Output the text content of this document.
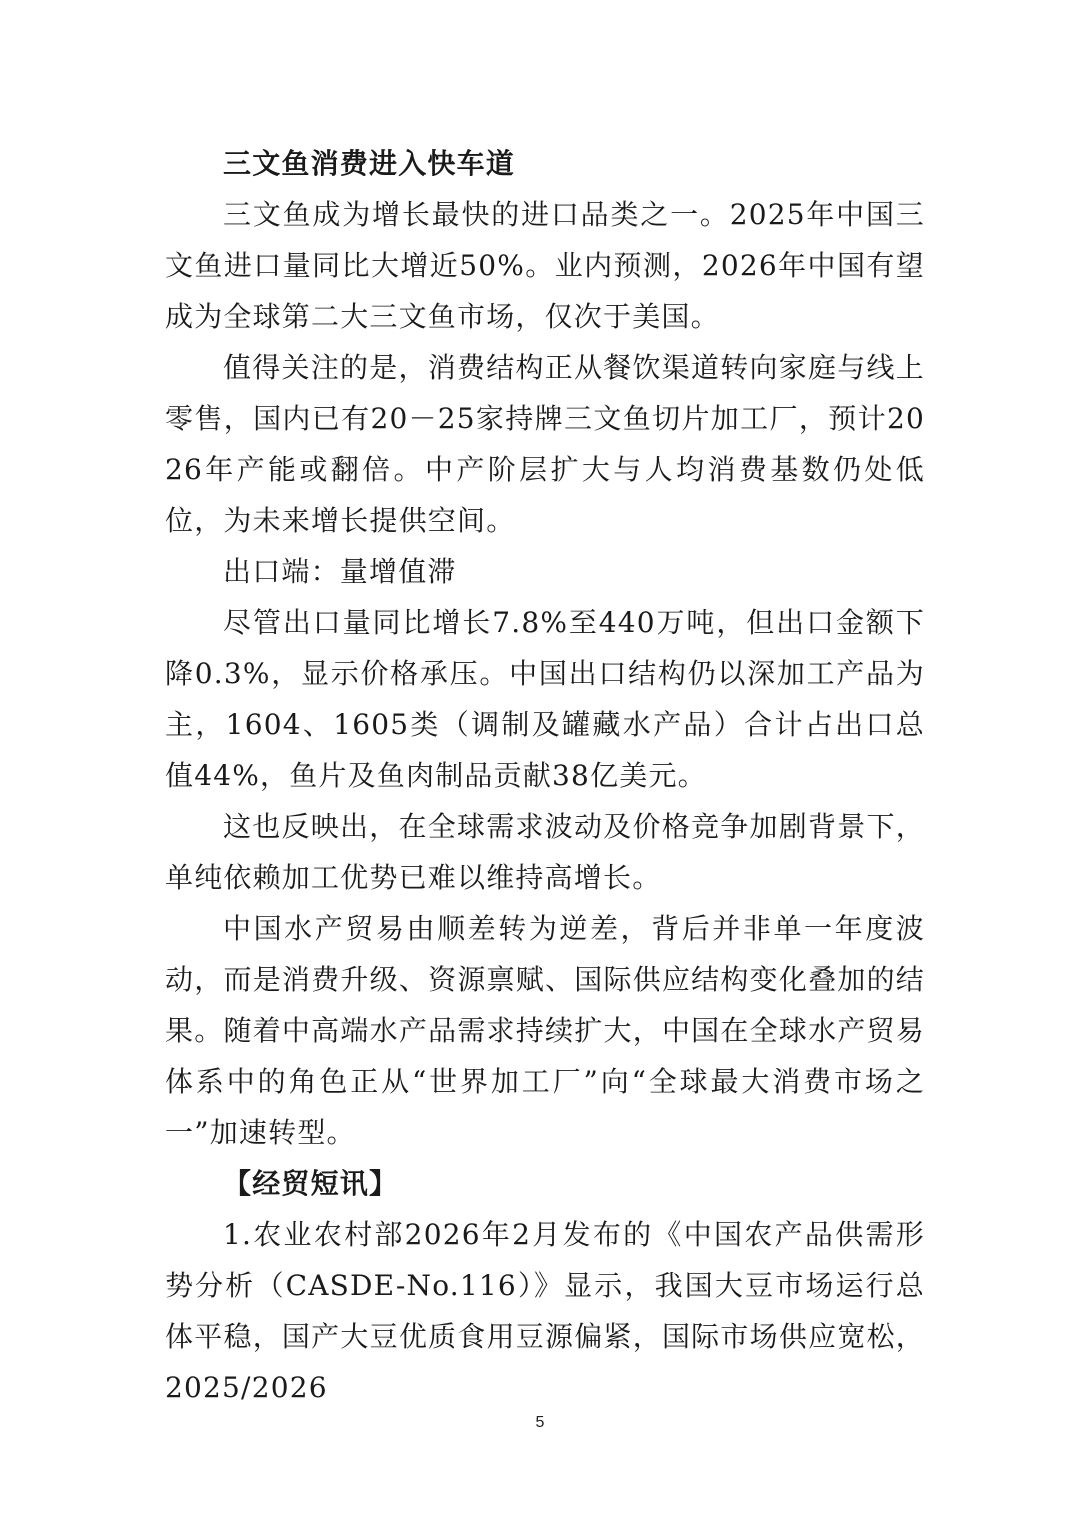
三文鱼消费进入快车道

三文鱼成为增长最快的进口品类之一。2025年中国三文鱼进口量同比大增近50%。业内预测，2026年中国有望成为全球第二大三文鱼市场，仅次于美国。

值得关注的是，消费结构正从餐饮渠道转向家庭与线上零售，国内已有20－25家持牌三文鱼切片加工厂，预计2026年产能或翻倍。中产阶层扩大与人均消费基数仍处低位，为未来增长提供空间。

出口端：量增值滞

尽管出口量同比增长7.8%至440万吨，但出口金额下降0.3%，显示价格承压。中国出口结构仍以深加工产品为主，1604、1605类（调制及罐藏水产品）合计占出口总值44%，鱼片及鱼肉制品贡献38亿美元。

这也反映出，在全球需求波动及价格竞争加剧背景下，单纯依赖加工优势已难以维持高增长。

中国水产贸易由顺差转为逆差，背后并非单一年度波动，而是消费升级、资源禀赋、国际供应结构变化叠加的结果。随着中高端水产品需求持续扩大，中国在全球水产贸易体系中的角色正从“世界加工厂”向“全球最大消费市场之一”加速转型。

【经贸短讯】

1.农业农村部2026年2月发布的《中国农产品供需形势分析（CASDE-No.116）》显示，我国大豆市场运行总体平稳，国产大豆优质食用豆源偏紧，国际市场供应宽松，2025/2026

5
